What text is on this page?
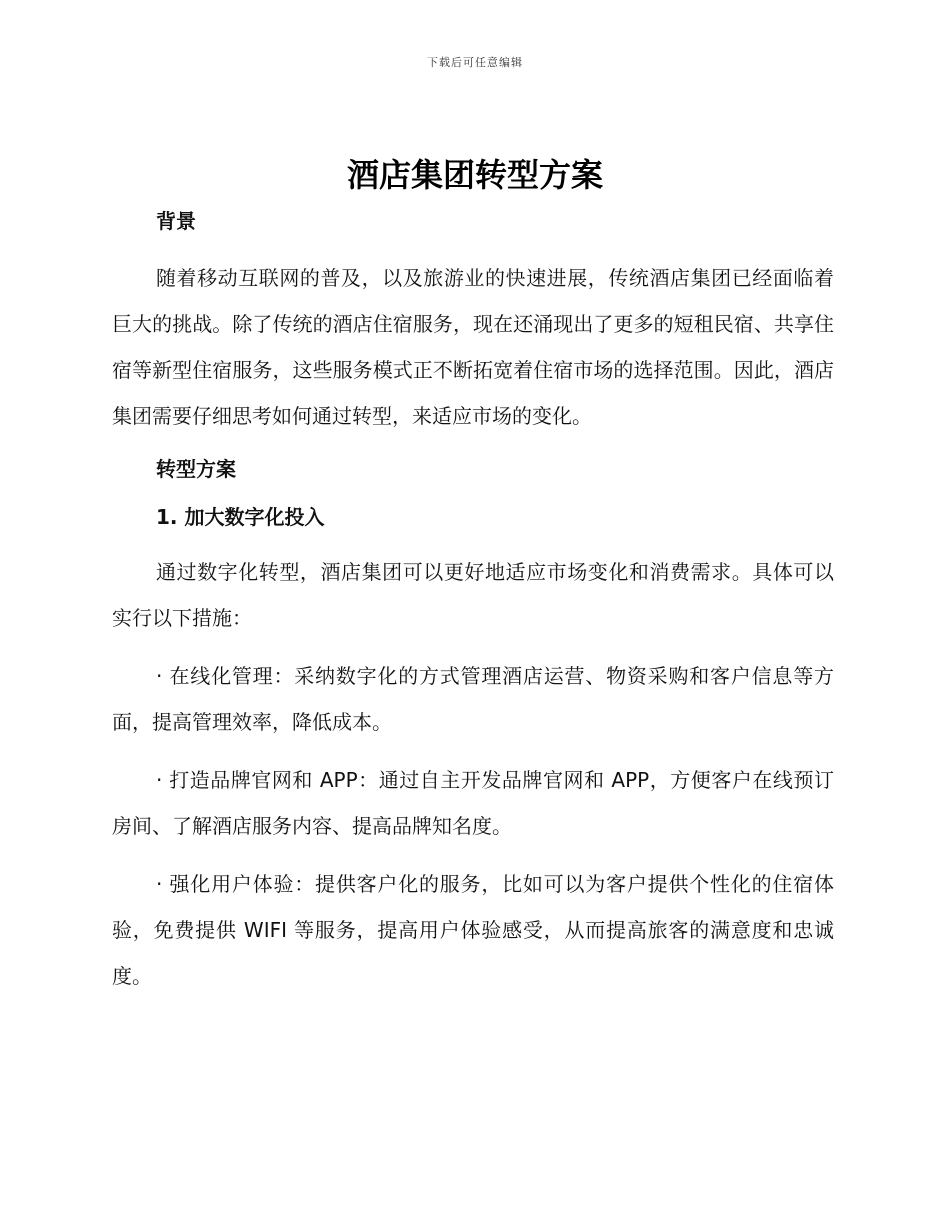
下载后可任意编辑
酒店集团转型方案

背景

随着移动互联网的普及，以及旅游业的快速进展，传统酒店集团已经面临着巨大的挑战。除了传统的酒店住宿服务，现在还涌现出了更多的短租民宿、共享住宿等新型住宿服务，这些服务模式正不断拓宽着住宿市场的选择范围。因此，酒店集团需要仔细思考如何通过转型，来适应市场的变化。

转型方案

1. 加大数字化投入

通过数字化转型，酒店集团可以更好地适应市场变化和消费需求。具体可以实行以下措施：

· 在线化管理：采纳数字化的方式管理酒店运营、物资采购和客户信息等方面，提高管理效率，降低成本。

· 打造品牌官网和 APP：通过自主开发品牌官网和 APP，方便客户在线预订房间、了解酒店服务内容、提高品牌知名度。

· 强化用户体验：提供客户化的服务，比如可以为客户提供个性化的住宿体验，免费提供 WIFI 等服务，提高用户体验感受，从而提高旅客的满意度和忠诚度。
